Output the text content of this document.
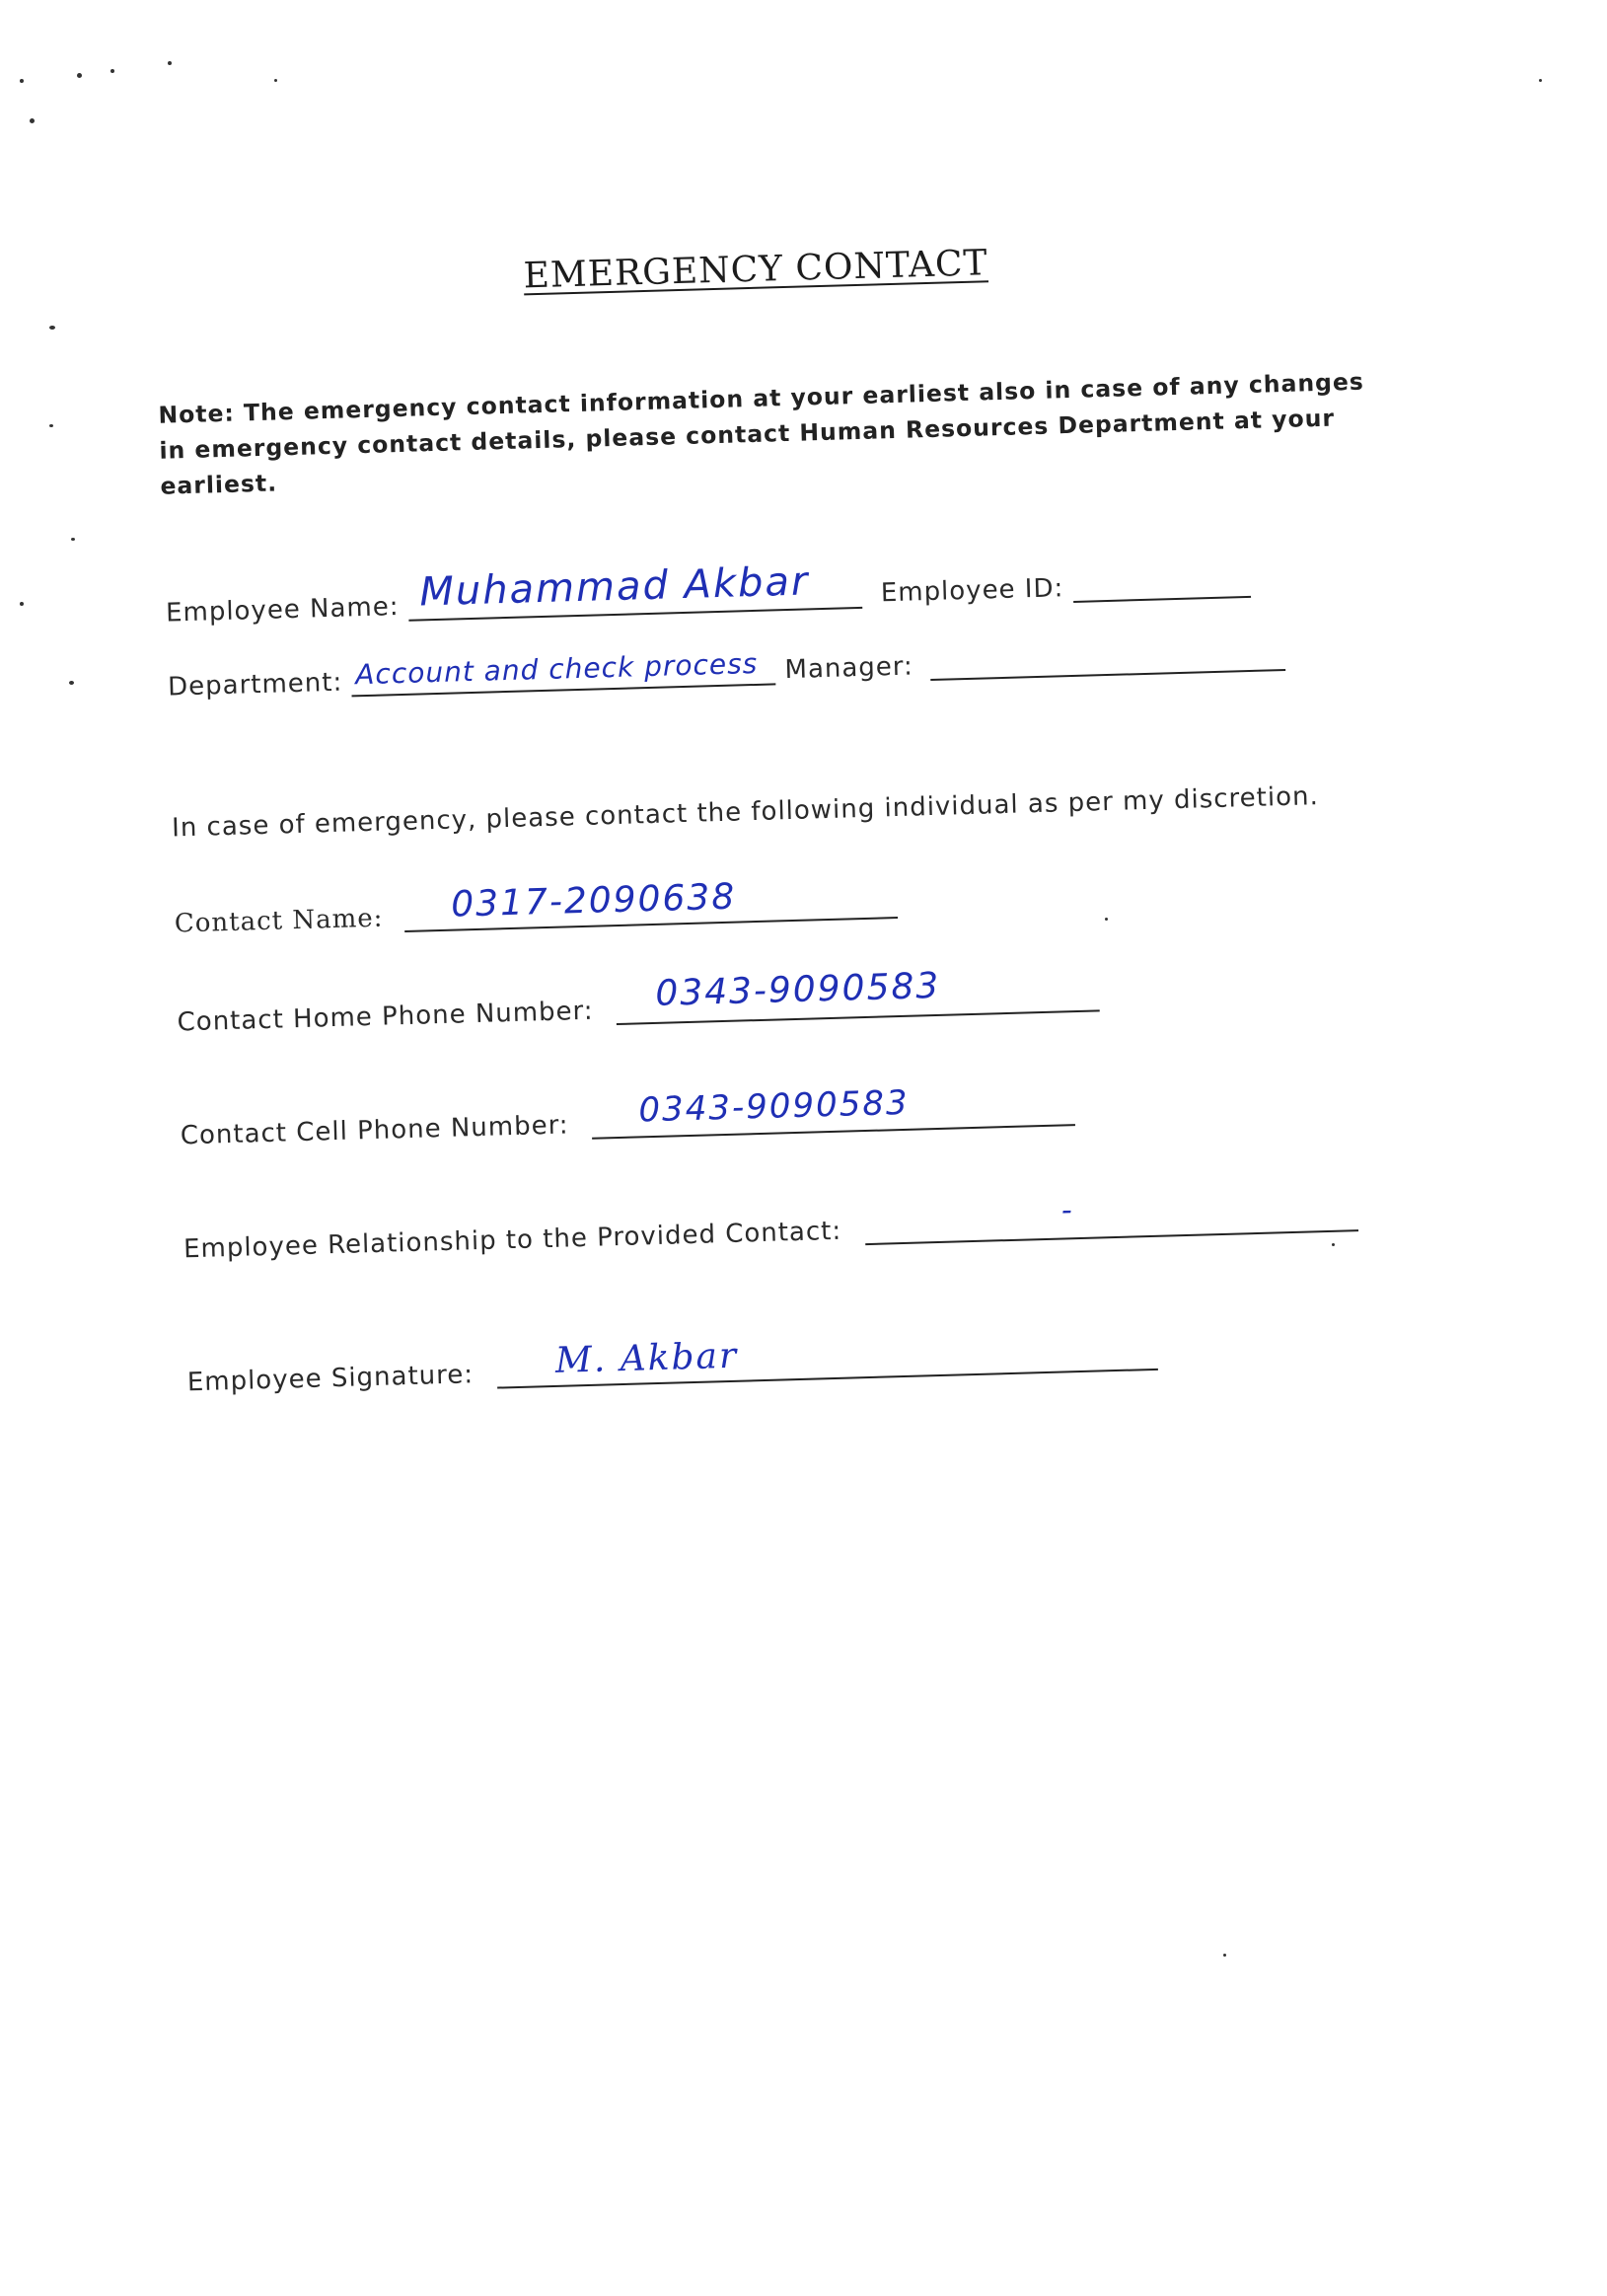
EMERGENCY CONTACT
Note: The emergency contact information at your earliest also in case of any changes in emergency contact details, please contact Human Resources Department at your earliest.
Employee Name: Muhammad Akbar	Employee ID:
Department: Account and check process Manager:
In case of emergency, please contact the following individual as per my discretion.
Contact Name: 0317-2090638
Contact Home Phone Number:
0343-9090583
Contact Cell Phone Number:
0343-9090583
Employee Relationship to the Provided Contact:
-
Employee Signature: M. Akbar
